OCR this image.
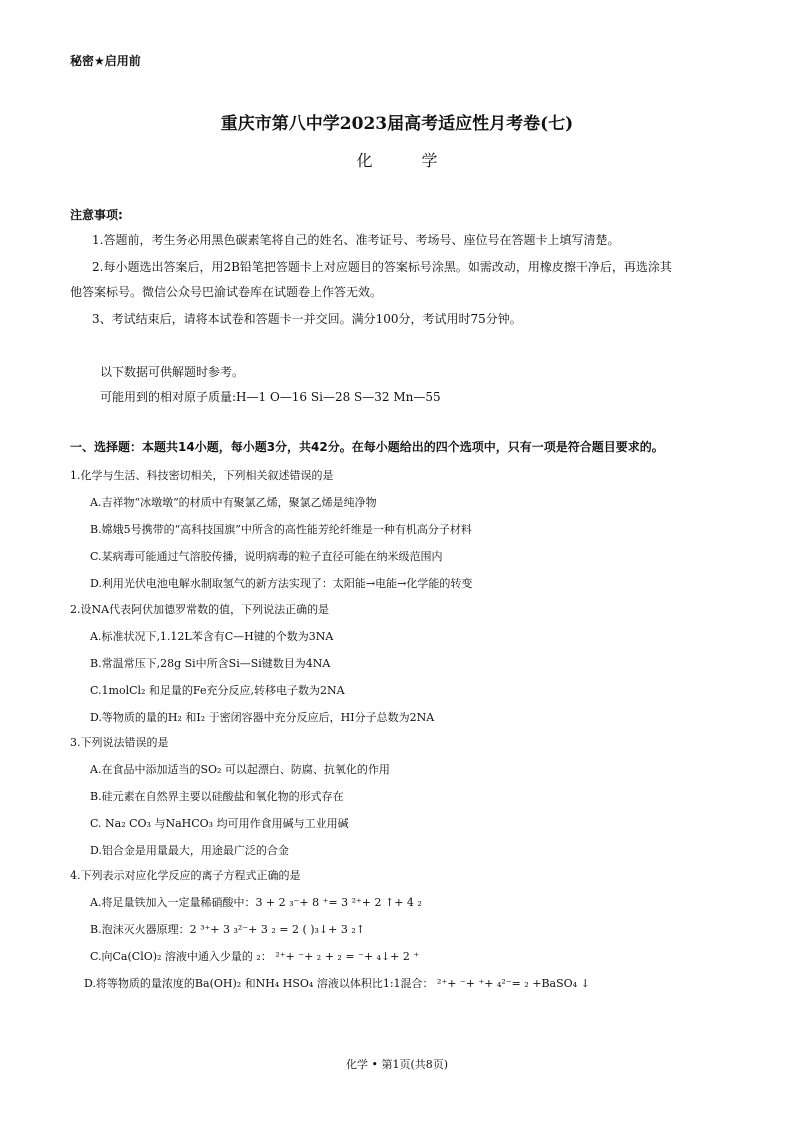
秘密★启用前
重庆市第八中学2023届高考适应性月考卷(七)
化 学
注意事项:
1.答题前，考生务必用黑色碳素笔将自己的姓名、准考证号、考场号、座位号在答题卡上填写清楚。
2.每小题选出答案后，用2B铅笔把答题卡上对应题目的答案标号涂黑。如需改动，用橡皮擦干净后，再选涂其
他答案标号。微信公众号巴渝试卷库在试题卷上作答无效。
3、考试结束后，请将本试卷和答题卡一并交回。满分100分，考试用时75分钟。
以下数据可供解题时参考。
可能用到的相对原子质量:H—1 O—16 Si—28 S—32 Mn—55
一、选择题：本题共14小题，每小题3分，共42分。在每小题给出的四个选项中，只有一项是符合题目要求的。
1.化学与生活、科技密切相关，下列相关叙述错误的是
A.吉祥物“冰墩墩”的材质中有聚氯乙烯，聚氯乙烯是纯净物
B.嫦娥5号携带的“高科技国旗”中所含的高性能芳纶纤维是一种有机高分子材料
C.某病毒可能通过气溶胶传播，说明病毒的粒子直径可能在纳米级范围内
D.利用光伏电池电解水制取氢气的新方法实现了：太阳能→电能→化学能的转变
2.设NA代表阿伏加德罗常数的值，下列说法正确的是
A.标准状况下,1.12L苯含有C—H键的个数为3NA
B.常温常压下,28g Si中所含Si—Si键数目为4NA
C.1molCl₂ 和足量的Fe充分反应,转移电子数为2NA
D.等物质的量的H₂ 和I₂ 于密闭容器中充分反应后，HI分子总数为2NA
3.下列说法错误的是
A.在食品中添加适当的SO₂ 可以起漂白、防腐、抗氧化的作用
B.硅元素在自然界主要以硅酸盐和氧化物的形式存在
C. Na₂ CO₃ 与NaHCO₃ 均可用作食用碱与工业用碱
D.铝合金是用量最大，用途最广泛的合金
4.下列表示对应化学反应的离子方程式正确的是
A.将足量铁加入一定量稀硝酸中：3 + 2 ₃⁻+ 8 ⁺= 3 ²⁺+ 2 ↑+ 4 ₂
B.泡沫灭火器原理：2 ³⁺+ 3 ₃²⁻+ 3 ₂ = 2 ( )₃↓+ 3 ₂↑
C.向Ca(ClO)₂ 溶液中通入少量的 ₂： ²⁺+ ⁻+ ₂ + ₂ = ⁻+ ₄↓+ 2 ⁺
D.将等物质的量浓度的Ba(OH)₂ 和NH₄ HSO₄ 溶液以体积比1:1混合： ²⁺+ ⁻+ ⁺+ ₄²⁻= ₂ +BaSO₄ ↓
化学 • 第1页(共8页)
